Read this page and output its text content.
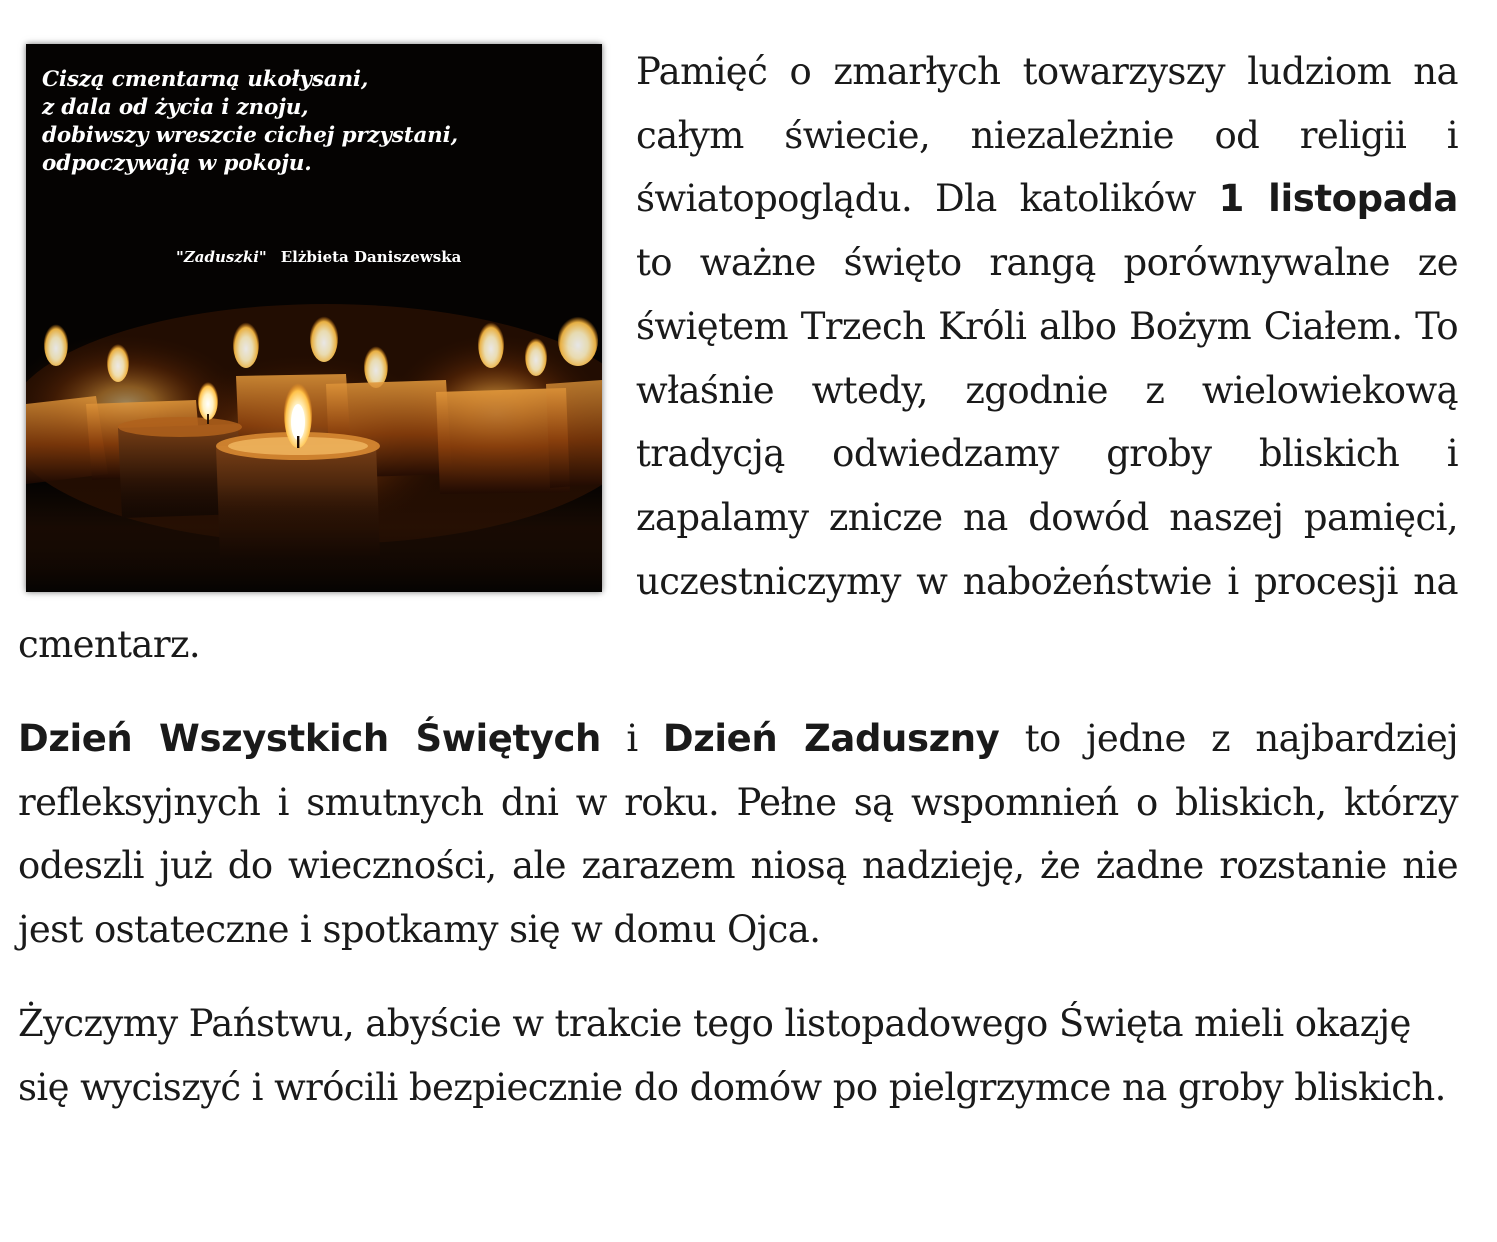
Ciszą cmentarną ukołysani,
z dala od życia i znoju,
dobiwszy wreszcie cichej przystani,
odpoczywają w pokoju.
"Zaduszki" Elżbieta Daniszewska

Pamięć o zmarłych towarzyszy ludziom na całym świecie, niezależnie od religii i światopoglądu. Dla katolików 1 listopada to ważne święto rangą porównywalne ze świętem Trzech Króli albo Bożym Ciałem. To właśnie wtedy, zgodnie z wielowiekową tradycją odwiedzamy groby bliskich i zapalamy znicze na dowód naszej pamięci, uczestniczymy w nabożeństwie i procesji na cmentarz.

Dzień Wszystkich Świętych i Dzień Zaduszny to jedne z najbardziej refleksyjnych i smutnych dni w roku. Pełne są wspomnień o bliskich, którzy odeszli już do wieczności, ale zarazem niosą nadzieję, że żadne rozstanie nie jest ostateczne i spotkamy się w domu Ojca.

Życzymy Państwu, abyście w trakcie tego listopadowego Święta mieli okazję się wyciszyć i wrócili bezpiecznie do domów po pielgrzymce na groby bliskich.
